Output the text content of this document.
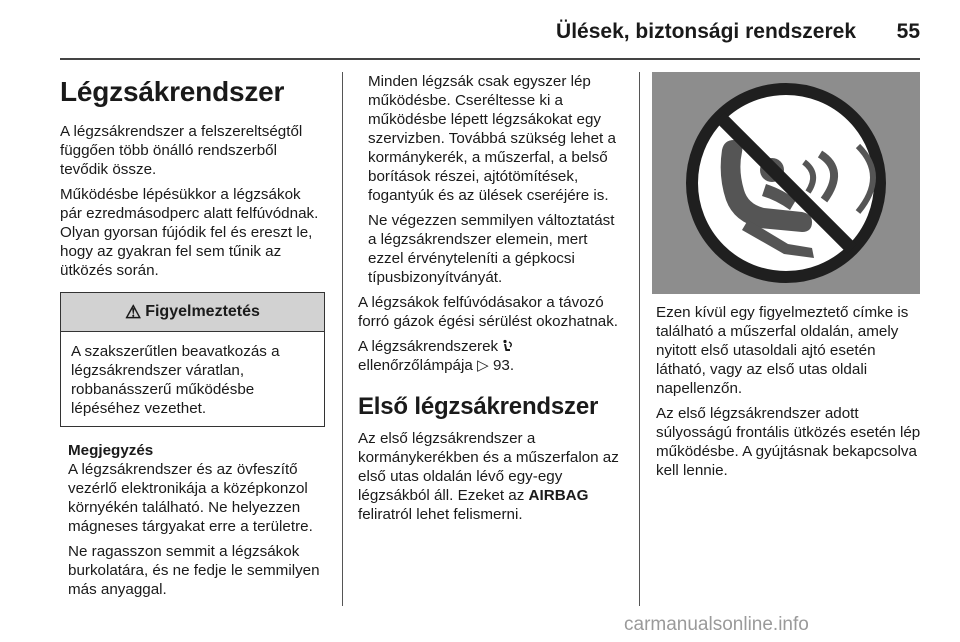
Ülések, biztonsági rendszerek 55
Légzsákrendszer

A légzsákrendszer a felszereltségtől függően több önálló rendszerből tevődik össze.

Működésbe lépésükkor a légzsákok pár ezredmásodperc alatt felfúvódnak. Olyan gyorsan fújódik fel és ereszt le, hogy az gyakran fel sem tűnik az ütközés során.

⚠ Figyelmeztetés

A szakszerűtlen beavatkozás a légzsákrendszer váratlan, robbanásszerű működésbe lépéséhez vezethet.

Megjegyzés

A légzsákrendszer és az övfeszítő vezérlő elektronikája a középkonzol környékén található. Ne helyezzen mágneses tárgyakat erre a területre.

Ne ragasszon semmit a légzsákok burkolatára, és ne fedje le semmilyen más anyaggal.

Minden légzsák csak egyszer lép működésbe. Cseréltesse ki a működésbe lépett légzsákokat egy szervizben. Továbbá szükség lehet a kormánykerék, a műszerfal, a belső borítások részei, ajtótömítések, fogantyúk és az ülések cseréjére is.

Ne végezzen semmilyen változtatást a légzsákrendszer elemein, mert ezzel érvényteleníti a gépkocsi típusbizonyítványát.

A légzsákok felfúvódásakor a távozó forró gázok égési sérülést okozhatnak.

A légzsákrendszerek
ellenőrzőlámpája ▷ 93.

Első légzsákrendszer

Az első légzsákrendszer a kormánykerékben és a műszerfalon az első utas oldalán lévő egy-egy légzsákból áll. Ezeket az AIRBAG feliratról lehet felismerni.

Ezen kívül egy figyelmeztető címke is található a műszerfal oldalán, amely nyitott első utasoldali ajtó esetén látható, vagy az első utas oldali napellenzőn.

Az első légzsákrendszer adott súlyosságú frontális ütközés esetén lép működésbe. A gyújtásnak bekapcsolva kell lennie.

carmanualsonline.info
